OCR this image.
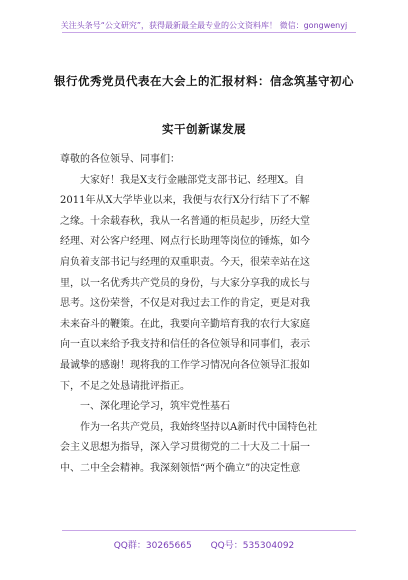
关注头条号“公文研究”，获得最新最全最专业的公文资料库！ 微信：gongwenyj
银行优秀党员代表在大会上的汇报材料：信念筑基守初心
实干创新谋发展
尊敬的各位领导、同事们：
大家好！我是X支行金融部党支部书记、经理X。自
2011年从X大学毕业以来，我便与农行X分行结下了不解
之缘。十余载春秋，我从一名普通的柜员起步，历经大堂
经理、对公客户经理、网点行长助理等岗位的锤炼，如今
肩负着支部书记与经理的双重职责。今天，很荣幸站在这
里，以一名优秀共产党员的身份，与大家分享我的成长与
思考。这份荣誉，不仅是对我过去工作的肯定，更是对我
未来奋斗的鞭策。在此，我要向辛勤培育我的农行大家庭
向一直以来给予我支持和信任的各位领导和同事们，表示
最诚挚的感谢！现将我的工作学习情况向各位领导汇报如
下，不足之处恳请批评指正。
一、深化理论学习，筑牢党性基石
作为一名共产党员，我始终坚持以A新时代中国特色社
会主义思想为指导，深入学习贯彻党的二十大及二十届一
中、二中全会精神。我深刻领悟“两个确立”的决定性意
QQ群：30265665 QQ号：535304092
